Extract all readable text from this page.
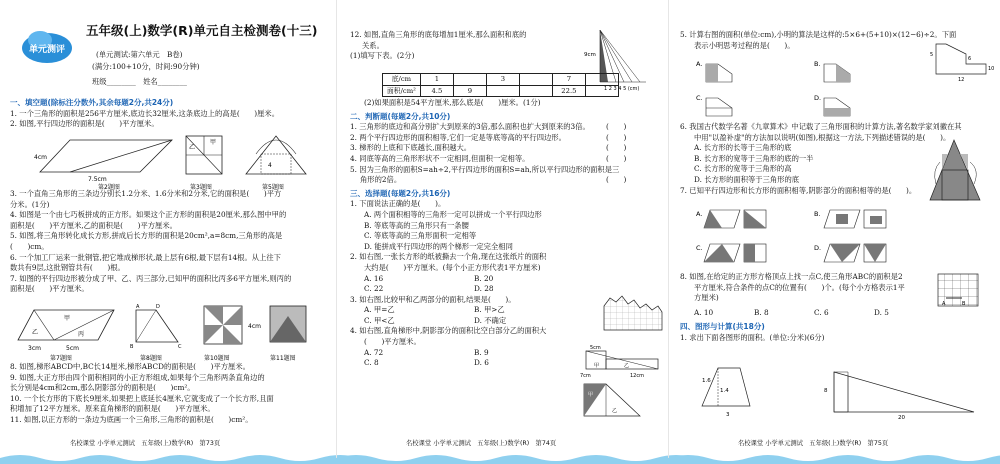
单元测评
五年级(上)数学(R)单元自主检测卷(十三)
(单元测试:第六单元　B卷)
(满分:100+10分，时间:90分钟)
班级________　姓名________

一、填空题(除标注分数外,其余每题2分,共24分)

1. 一个三角形的面积是256平方厘米,底边长32厘米,这条底边上的高是(　　)厘米。

2. 如图,平行四边形的面积是(　　)平方厘米。

4cm
7.5cm
第2题图
乙
甲
第3题图
4
第5题图

3. 一个直角三角形的三条边分别长1.2分米、1.6分米和2分米,它的面积是(　　)平方

分米。(1分)

4. 如图是一个由七巧板拼成的正方形。如果这个正方形的面积是20厘米,那么图中甲的

面积是(　　)平方厘米,乙的面积是(　　)平方厘米。

5. 如图,将三角形转化成长方形,拼成后长方形的面积是20cm²,a=8cm,三角形的高是

(　　)cm。

6. 一个加工厂运来一批钢管,把它堆成梯形状,最上层有6根,最下层有14根。从上往下

数共有9层,这批钢管共有(　　)根。

7. 如图的平行四边形被分成了甲、乙、丙三部分,已知甲的面积比丙多6平方厘米,则丙的

面积是(　　)平方厘米。

甲
乙	丙
3cm	5cm
第7题图
A	D
B	C
第8题图	第10题图
4cm
第11题图

8. 如图,梯形ABCD中,BC长14厘米,梯形ABCD的面积是(　　)平方厘米。

9. 如图,大正方形由四个面积相同的小正方形组成,如果每个三角形两条直角边的

长分别是4cm和2cm,那么阴影部分的面积是(　　)cm²。

10. 一个长方形的下底长9厘米,如果把上底延长4厘米,它就变成了一个长方形,且面

积增加了12平方厘米。原来直角梯形的面积是(　　)平方厘米。

11. 如图,以正方形的一条边为底画一个三角形,三角形的面积是(　　)cm²。

名校课堂 小学单元测试　五年级(上)数学(R)　第73页

12. 如图,直角三角形的底每增加1厘米,那么面积和底的

关系。

(1)填写下表。(2分)	9cm
1 2 3 4 5 (cm)
底/cm	1		3		7	
面积/cm²	4.5	9			22.5	

(2)如果面积是54平方厘米,那么底是(　　)厘米。(1分)

二、判断题(每题2分,共10分)

1. 三角形的底边和高分别扩大到原来的3倍,那么面积也扩大到原来的3倍。 (　　)

2. 两个平行四边形的面积相等,它们一定是等底等高的平行四边形。	(　　)

3. 梯形的上底和下底越长,面积越大。	(　　)

4. 同底等高的三角形形状不一定相同,但面积一定相等。	(　　)

5. 因为三角形的面积S=ah÷2,平行四边形的面积S=ah,所以平行四边形的面积是三

角形的2倍。	(　　)

三、选择题(每题2分,共16分)

1. 下面说法正确的是(　　)。

A. 两个面积相等的三角形一定可以拼成一个平行四边形

B. 等底等高的三角形只有一条腰

C. 等底等高的三角形面积一定相等

D. 能拼成平行四边形的两个梯形一定完全相同

2. 如右图,一张长方形的纸被撕去一个角,现在这张纸片的面积

大约是(　　)平方厘米。(每个小正方形代表1平方厘米)

A. 16	B. 20

C. 22	D. 28

3. 如右图,比较甲和乙两部分的面积,结果是(　　)。

A. 甲=乙	B. 甲>乙

C. 甲<乙	D. 不确定

4. 如右图,直角梯形中,阴影部分的面积比空白部分乙的面积大

(　　)平方厘米。

A. 72	B. 9

C. 8	D. 6

5cm
7cm	12cm
甲	乙
甲
乙
名校课堂 小学单元测试　五年级(上)数学(R)　第74页

5. 计算右图的面积(单位:cm),小明的算法是这样的:5×6+(5+10)×(12−6)÷2。下面

表示小明思考过程的是(　　)。

5
6
10
12
A.	B.
C.	D.

6. 我国古代数学名著《九章算术》中记载了三角形面积的计算方法,著名数学家刘徽在其

中用"以盈补虚"的方法加以说明(如图),根据这一方法,下列描述错误的是(　　)。

A. 长方形的长等于三角形的底

B. 长方形的宽等于三角形的底的一半

C. 长方形的宽等于三角形的高

D. 长方形的面积等于三角形的底

7. 已知平行四边形和长方形的面积相等,阴影部分的面积相等的是(　　)。

A.	B.
C.	D.

8. 如图,在给定的正方形方格顶点上找一点C,使三角形ABC的面积是2

平方厘米,符合条件的点C的位置有(　　)个。(每个小方格表示1平

方厘米)

A. 10	B. 8	C. 6	D. 5

四、图形与计算(共18分)

1. 求出下面各图形的面积。(单位:分米)(6分)

A	B
1.6
1.4
3
8
20
名校课堂 小学单元测试　五年级(上)数学(R)　第75页
